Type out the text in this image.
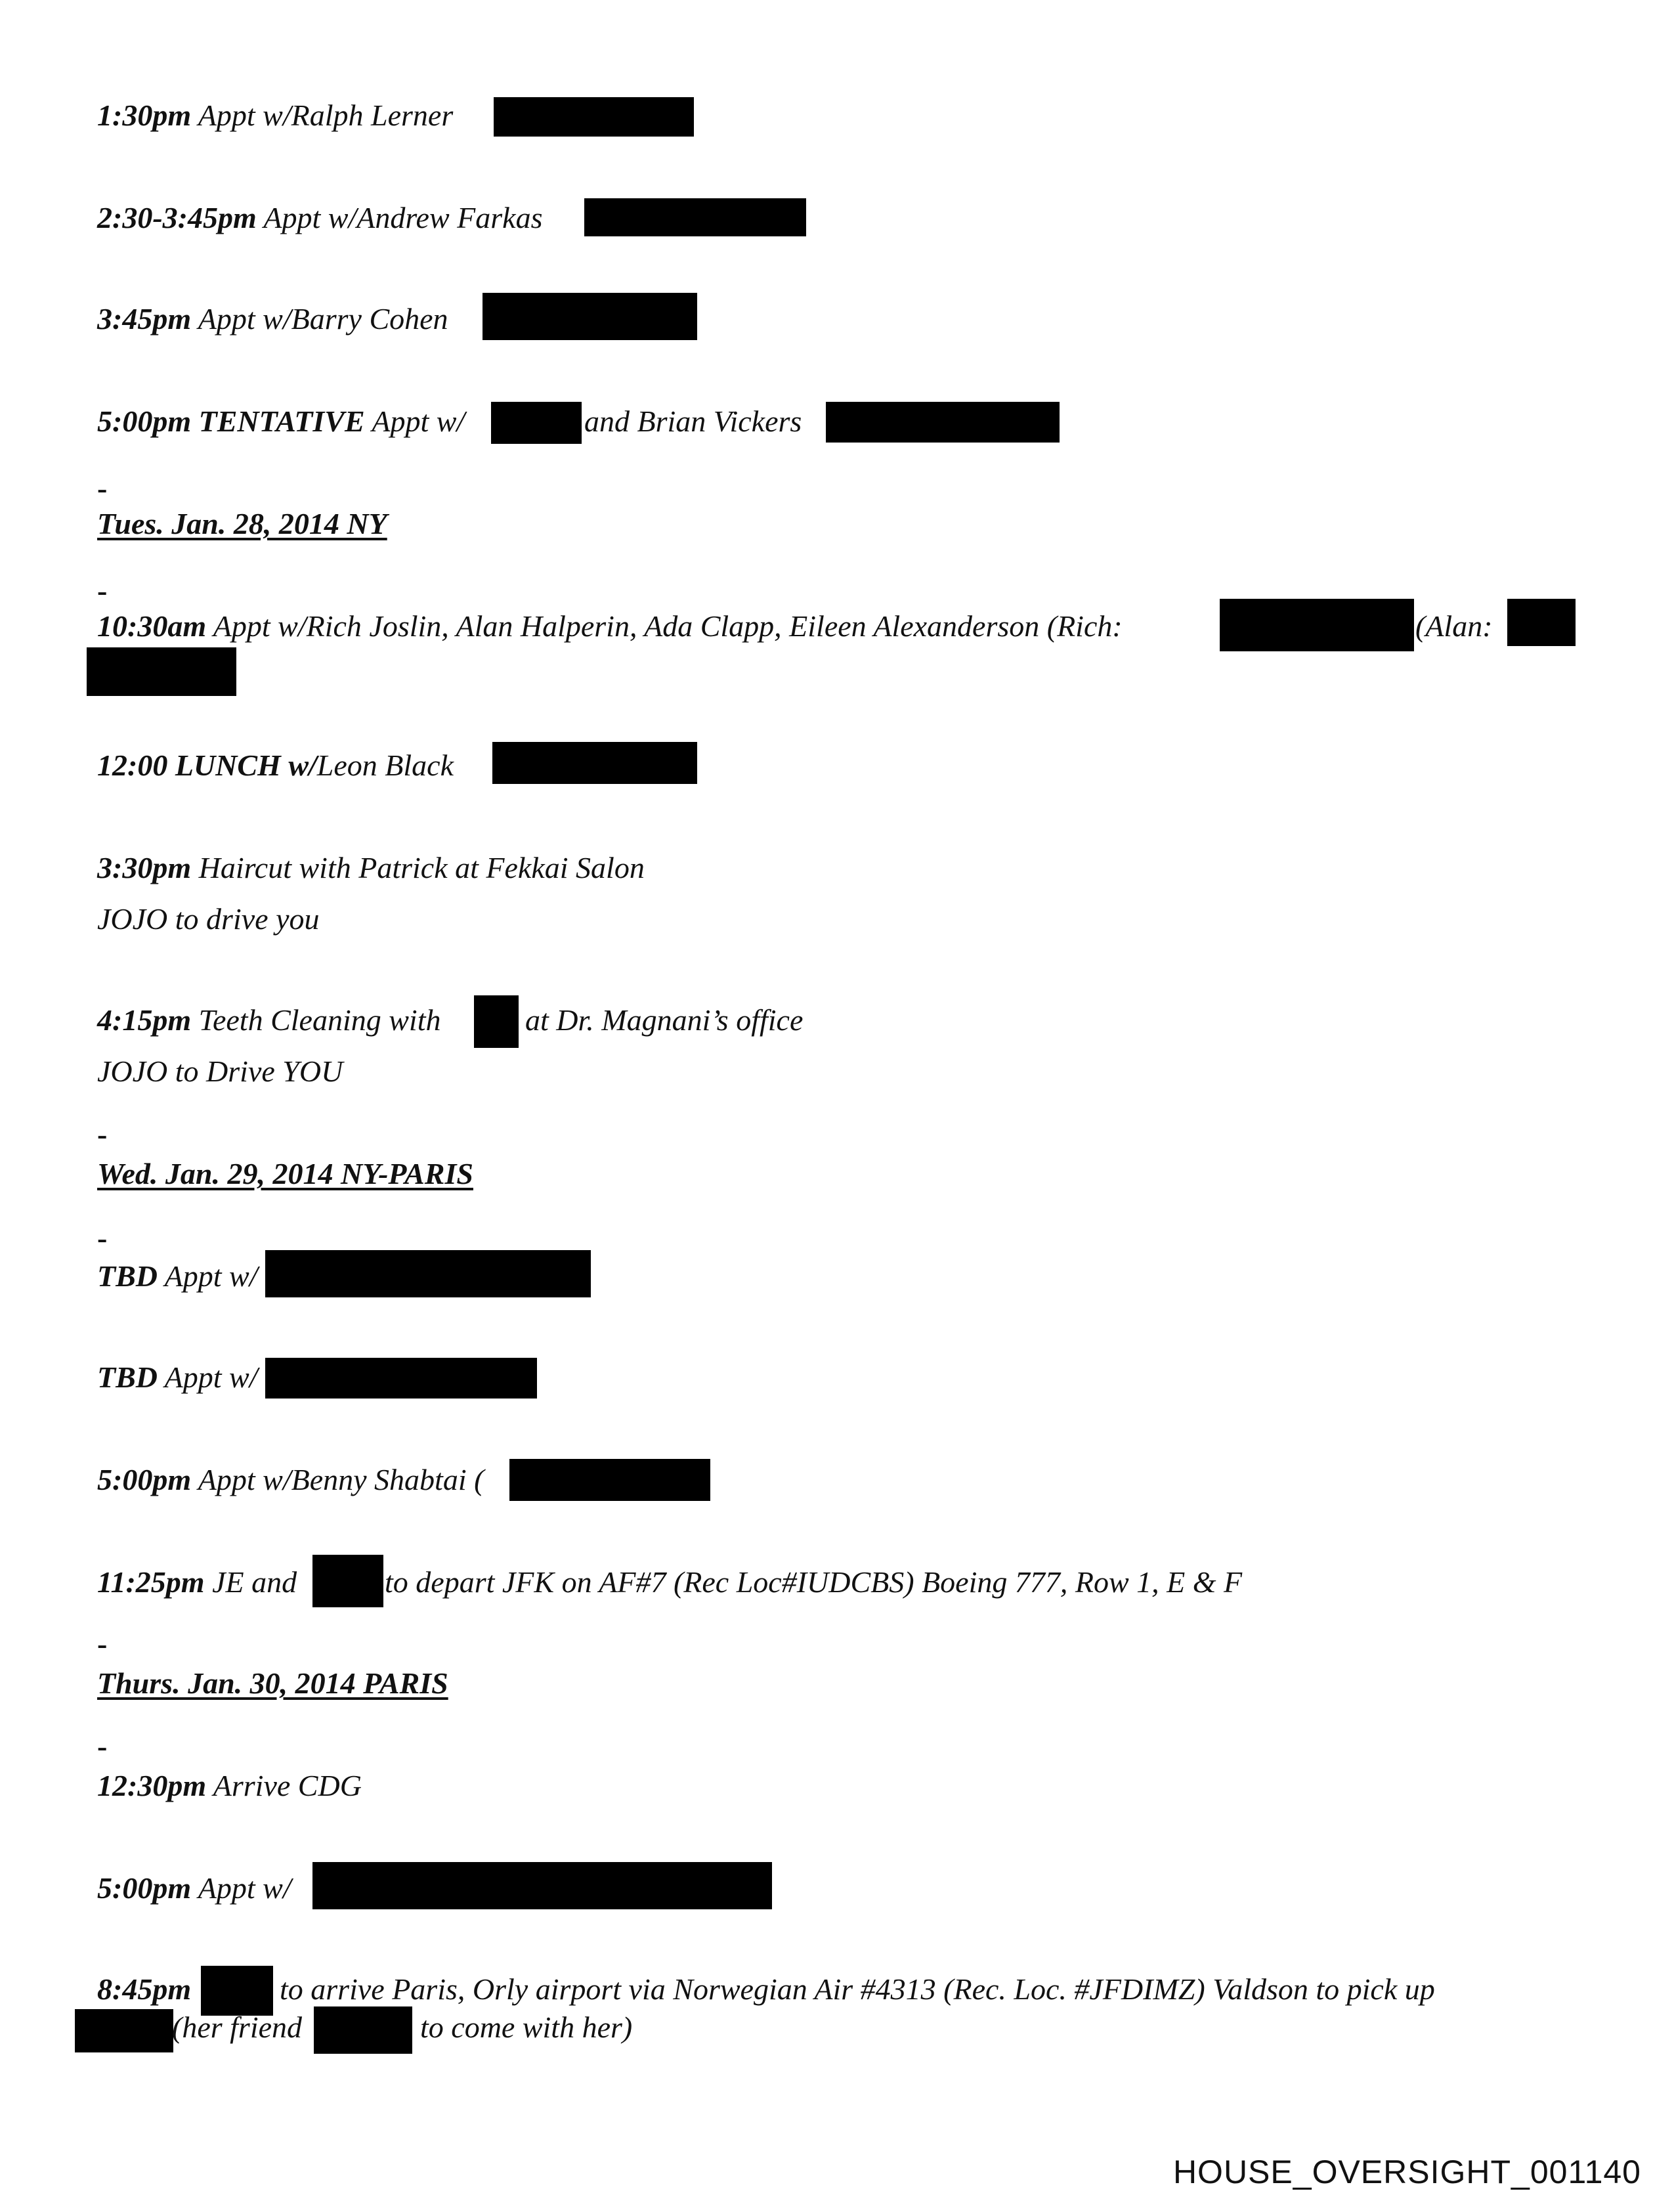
1:30pm Appt w/Ralph Lerner
2:30-3:45pm Appt w/Andrew Farkas
3:45pm Appt w/Barry Cohen
5:00pm TENTATIVE Appt w/	and Brian Vickers
-
Tues. Jan. 28, 2014 NY
-
10:30am Appt w/Rich Joslin, Alan Halperin, Ada Clapp, Eileen Alexanderson (Rich:	(Alan:
12:00 LUNCH w/Leon Black
3:30pm Haircut with Patrick at Fekkai Salon
JOJO to drive you
4:15pm Teeth Cleaning with	at Dr. Magnani’s office
JOJO to Drive YOU
-
Wed. Jan. 29, 2014 NY-PARIS
-
TBD Appt w/
TBD Appt w/
5:00pm Appt w/Benny Shabtai (
11:25pm JE and	to depart JFK on AF#7 (Rec Loc#IUDCBS) Boeing 777, Row 1, E & F
-
Thurs. Jan. 30, 2014 PARIS
-
12:30pm Arrive CDG
5:00pm Appt w/
8:45pm	to arrive Paris, Orly airport via Norwegian Air #4313 (Rec. Loc. #JFDIMZ) Valdson to pick up
(her friend	to come with her)
HOUSE_OVERSIGHT_001140
